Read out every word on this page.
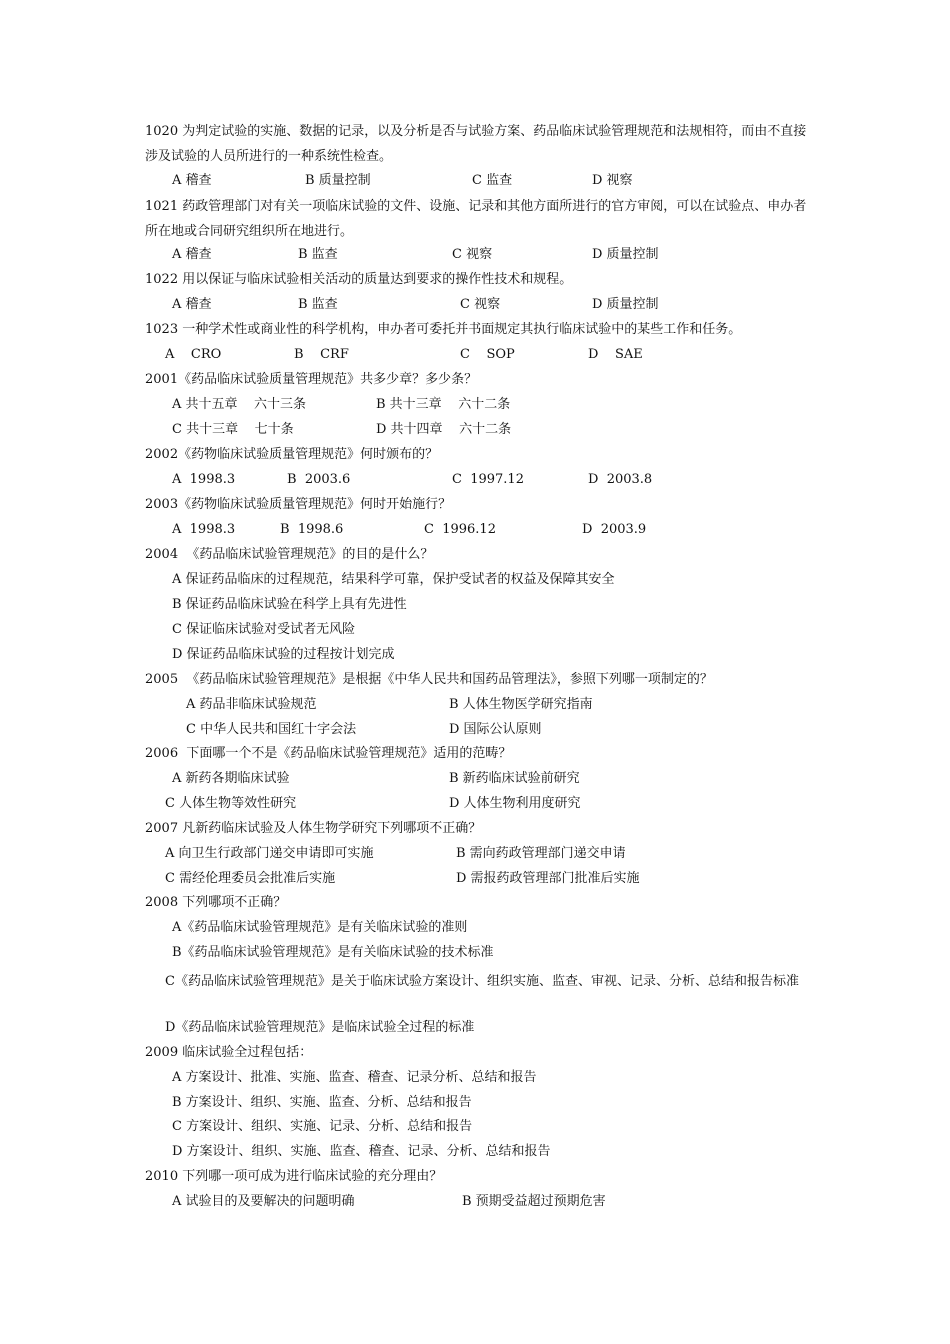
1020 为判定试验的实施、数据的记录，以及分析是否与试验方案、药品临床试验管理规范和法规相符，而由不直接涉及试验的人员所进行的一种系统性检查。
A 稽查	B 质量控制	C 监查	D 视察
1021 药政管理部门对有关一项临床试验的文件、设施、记录和其他方面所进行的官方审阅，可以在试验点、申办者所在地或合同研究组织所在地进行。
A 稽查	B 监查	C 视察	D 质量控制
1022 用以保证与临床试验相关活动的质量达到要求的操作性技术和规程。
A 稽查	B 监查	C 视察	D 质量控制
1023 一种学术性或商业性的科学机构，申办者可委托并书面规定其执行临床试验中的某些工作和任务。
A    CRO	B    CRF	C    SOP	D    SAE
2001《药品临床试验质量管理规范》共多少章？多少条？
A 共十五章    六十三条	B 共十三章    六十二条
C 共十三章    七十条	D 共十四章    六十二条
2002《药物临床试验质量管理规范》何时颁布的？
A  1998.3	B  2003.6	C  1997.12	D  2003.8
2003《药物临床试验质量管理规范》何时开始施行？
A  1998.3	B  1998.6	C  1996.12	D  2003.9
2004  《药品临床试验管理规范》的目的是什么？
A 保证药品临床的过程规范，结果科学可靠，保护受试者的权益及保障其安全
B 保证药品临床试验在科学上具有先进性
C 保证临床试验对受试者无风险
D 保证药品临床试验的过程按计划完成
2005  《药品临床试验管理规范》是根据《中华人民共和国药品管理法》，参照下列哪一项制定的？
A 药品非临床试验规范	B 人体生物医学研究指南
C 中华人民共和国红十字会法	D 国际公认原则
2006  下面哪一个不是《药品临床试验管理规范》适用的范畴？
A 新药各期临床试验	B 新药临床试验前研究
C 人体生物等效性研究	D 人体生物利用度研究
2007 凡新药临床试验及人体生物学研究下列哪项不正确？
A 向卫生行政部门递交申请即可实施	B 需向药政管理部门递交申请
C 需经伦理委员会批准后实施	D 需报药政管理部门批准后实施
2008 下列哪项不正确？
A《药品临床试验管理规范》是有关临床试验的准则
B《药品临床试验管理规范》是有关临床试验的技术标准
C《药品临床试验管理规范》是关于临床试验方案设计、组织实施、监查、审视、记录、分析、总结和报告标准
D《药品临床试验管理规范》是临床试验全过程的标准
2009 临床试验全过程包括：
A 方案设计、批准、实施、监查、稽查、记录分析、总结和报告
B 方案设计、组织、实施、监查、分析、总结和报告
C 方案设计、组织、实施、记录、分析、总结和报告
D 方案设计、组织、实施、监查、稽查、记录、分析、总结和报告
2010 下列哪一项可成为进行临床试验的充分理由？
A 试验目的及要解决的问题明确	B 预期受益超过预期危害
